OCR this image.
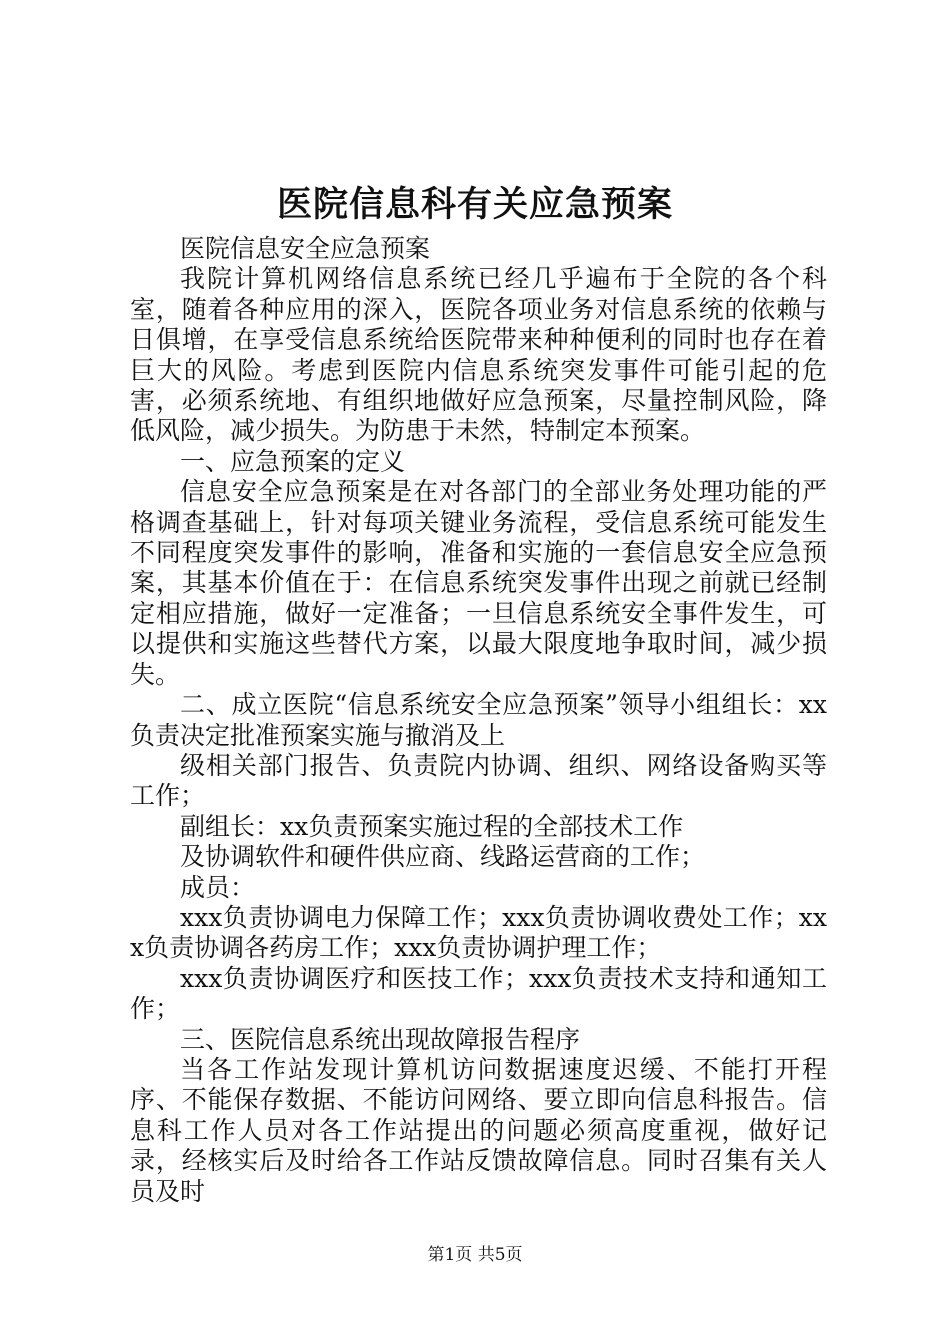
医院信息科有关应急预案

医院信息安全应急预案

我院计算机网络信息系统已经几乎遍布于全院的各个科室，随着各种应用的深入，医院各项业务对信息系统的依赖与日俱增，在享受信息系统给医院带来种种便利的同时也存在着巨大的风险。考虑到医院内信息系统突发事件可能引起的危害，必须系统地、有组织地做好应急预案，尽量控制风险，降低风险，减少损失。为防患于未然，特制定本预案。

一、应急预案的定义

信息安全应急预案是在对各部门的全部业务处理功能的严格调查基础上，针对每项关键业务流程，受信息系统可能发生不同程度突发事件的影响，准备和实施的一套信息安全应急预案，其基本价值在于：在信息系统突发事件出现之前就已经制定相应措施，做好一定准备；一旦信息系统安全事件发生，可以提供和实施这些替代方案，以最大限度地争取时间，减少损失。

二、成立医院“信息系统安全应急预案”领导小组组长：xx负责决定批准预案实施与撤消及上

级相关部门报告、负责院内协调、组织、网络设备购买等工作；

副组长：xx负责预案实施过程的全部技术工作

及协调软件和硬件供应商、线路运营商的工作；

成员：

xxx负责协调电力保障工作；xxx负责协调收费处工作；xxx负责协调各药房工作；xxx负责协调护理工作；

xxx负责协调医疗和医技工作；xxx负责技术支持和通知工作；

三、医院信息系统出现故障报告程序

当各工作站发现计算机访问数据速度迟缓、不能打开程序、不能保存数据、不能访问网络、要立即向信息科报告。信息科工作人员对各工作站提出的问题必须高度重视，做好记录，经核实后及时给各工作站反馈故障信息。同时召集有关人员及时

第1页 共5页
